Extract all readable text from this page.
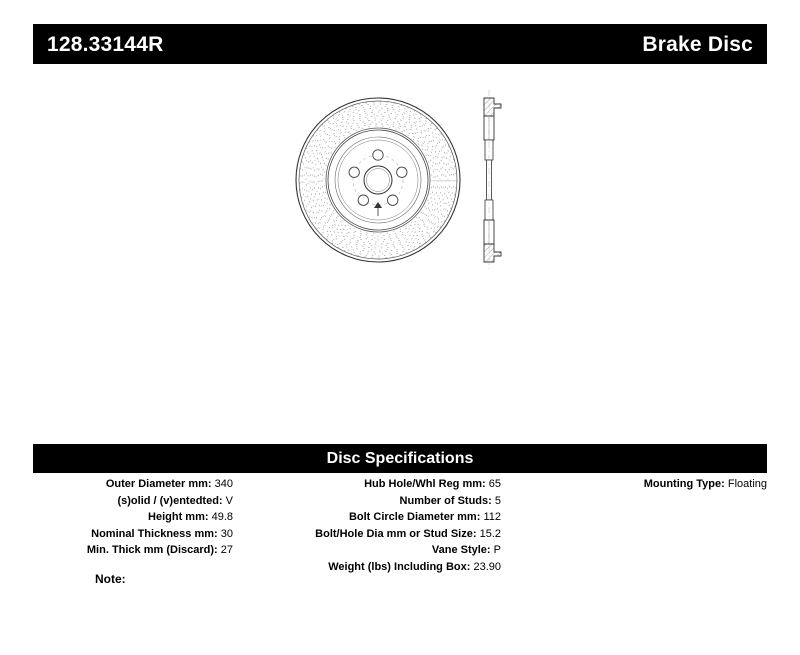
128.33144R	Brake Disc
Disc Specifications
Outer Diameter mm: 340
(s)olid / (v)entedted: V
Height mm: 49.8
Nominal Thickness mm: 30
Min. Thick mm (Discard): 27
Hub Hole/Whl Reg mm: 65
Number of Studs: 5
Bolt Circle Diameter mm: 112
Bolt/Hole Dia mm or Stud Size: 15.2
Vane Style: P
Weight (lbs) Including Box: 23.90
Mounting Type: Floating
Note:
